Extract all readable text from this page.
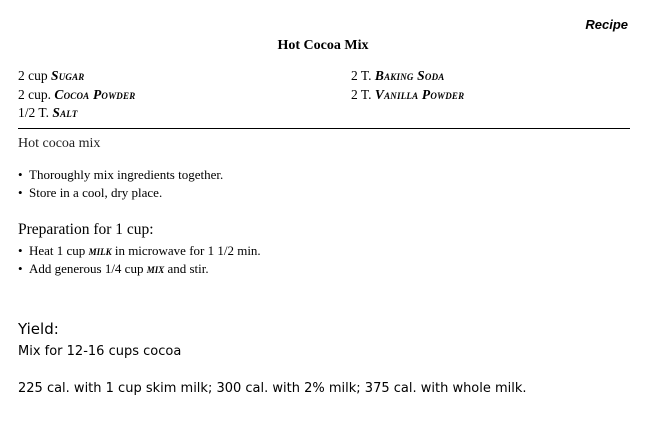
Recipe
Hot Cocoa Mix
2 cup Sugar
2 cup. Cocoa Powder
1/2 T. Salt
2 T. Baking Soda
2 T. Vanilla Powder
Hot cocoa mix
• Thoroughly mix ingredients together.
• Store in a cool, dry place.
Preparation for 1 cup:
• Heat 1 cup milk in microwave for 1 1/2 min.
• Add generous 1/4 cup mix and stir.
Yield:
Mix for 12-16 cups cocoa
225 cal. with 1 cup skim milk; 300 cal. with 2% milk; 375 cal. with whole milk.
